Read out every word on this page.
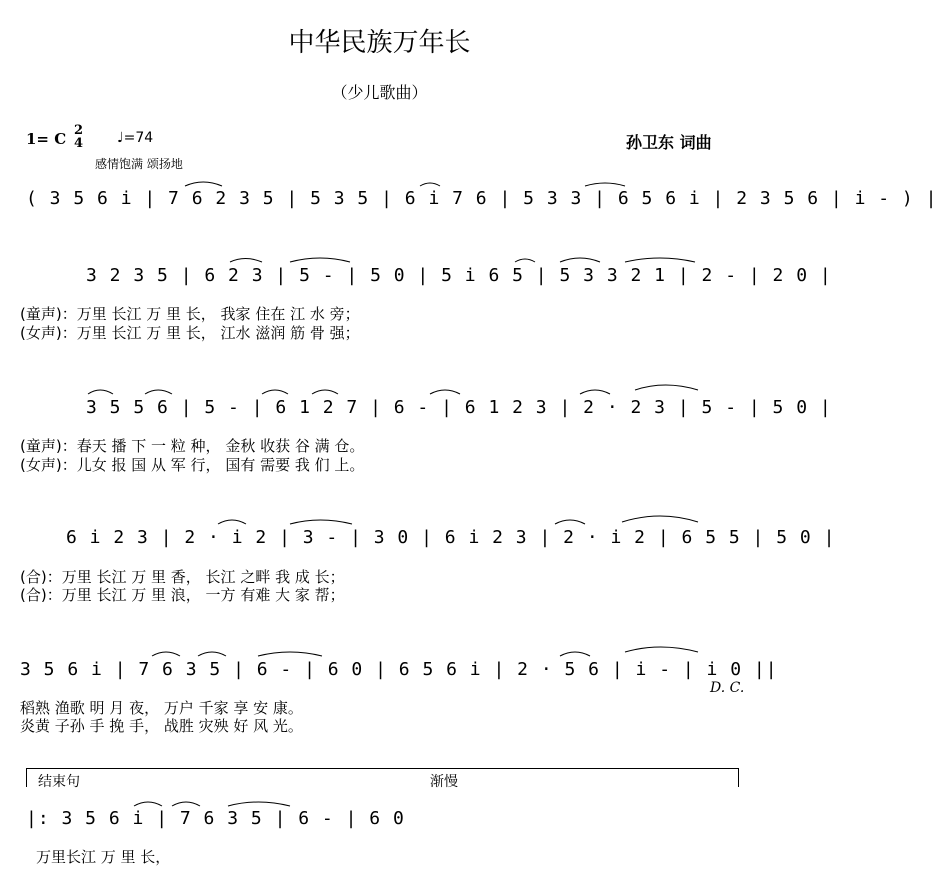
中华民族万年长
（少儿歌曲）
1= C 2
4 ♩=74
感情饱满 颂扬地
孙卫东 词曲
( 3 5 6 i | 7 6 2 3 5 | 5 3 5 | 6 i 7 6 | 5 3 3 | 6 5 6 i | 2 3 5 6 | i - ) |
3 2 3 5 | 6 2 3 | 5 - | 5 0 | 5 i 6 5 | 5 3 3 2 1 | 2 - | 2 0 |
(童声)：万里 长江 万 里 长， 我家 住在 江 水 旁；
(女声)：万里 长江 万 里 长， 江水 滋润 筋 骨 强；
3 5 5 6 | 5 - | 6 1 2 7 | 6 - | 6 1 2 3 | 2 · 2 3 | 5 - | 5 0 |
(童声)：春天 播 下 一 粒 种， 金秋 收获 谷 满 仓。
(女声)：儿女 报 国 从 军 行， 国有 需要 我 们 上。
6 i 2 3 | 2 · i 2 | 3 - | 3 0 | 6 i 2 3 | 2 · i 2 | 6 5 5 | 5 0 |
(合)：万里 长江 万 里 香， 长江 之畔 我 成 长；
(合)：万里 长江 万 里 浪， 一方 有难 大 家 帮；
3 5 6 i | 7 6 3 5 | 6 - | 6 0 | 6 5 6 i | 2 · 5 6 | i - | i 0 ||
稻熟 渔歌 明 月 夜， 万户 千家 享 安 康。
炎黄 子孙 手 挽 手， 战胜 灾殃 好 风 光。
D. C.
结束句	渐慢
|: 3 5 6 i | 7 6 3 5 | 6 - | 6 0
万里长江 万 里 长，
